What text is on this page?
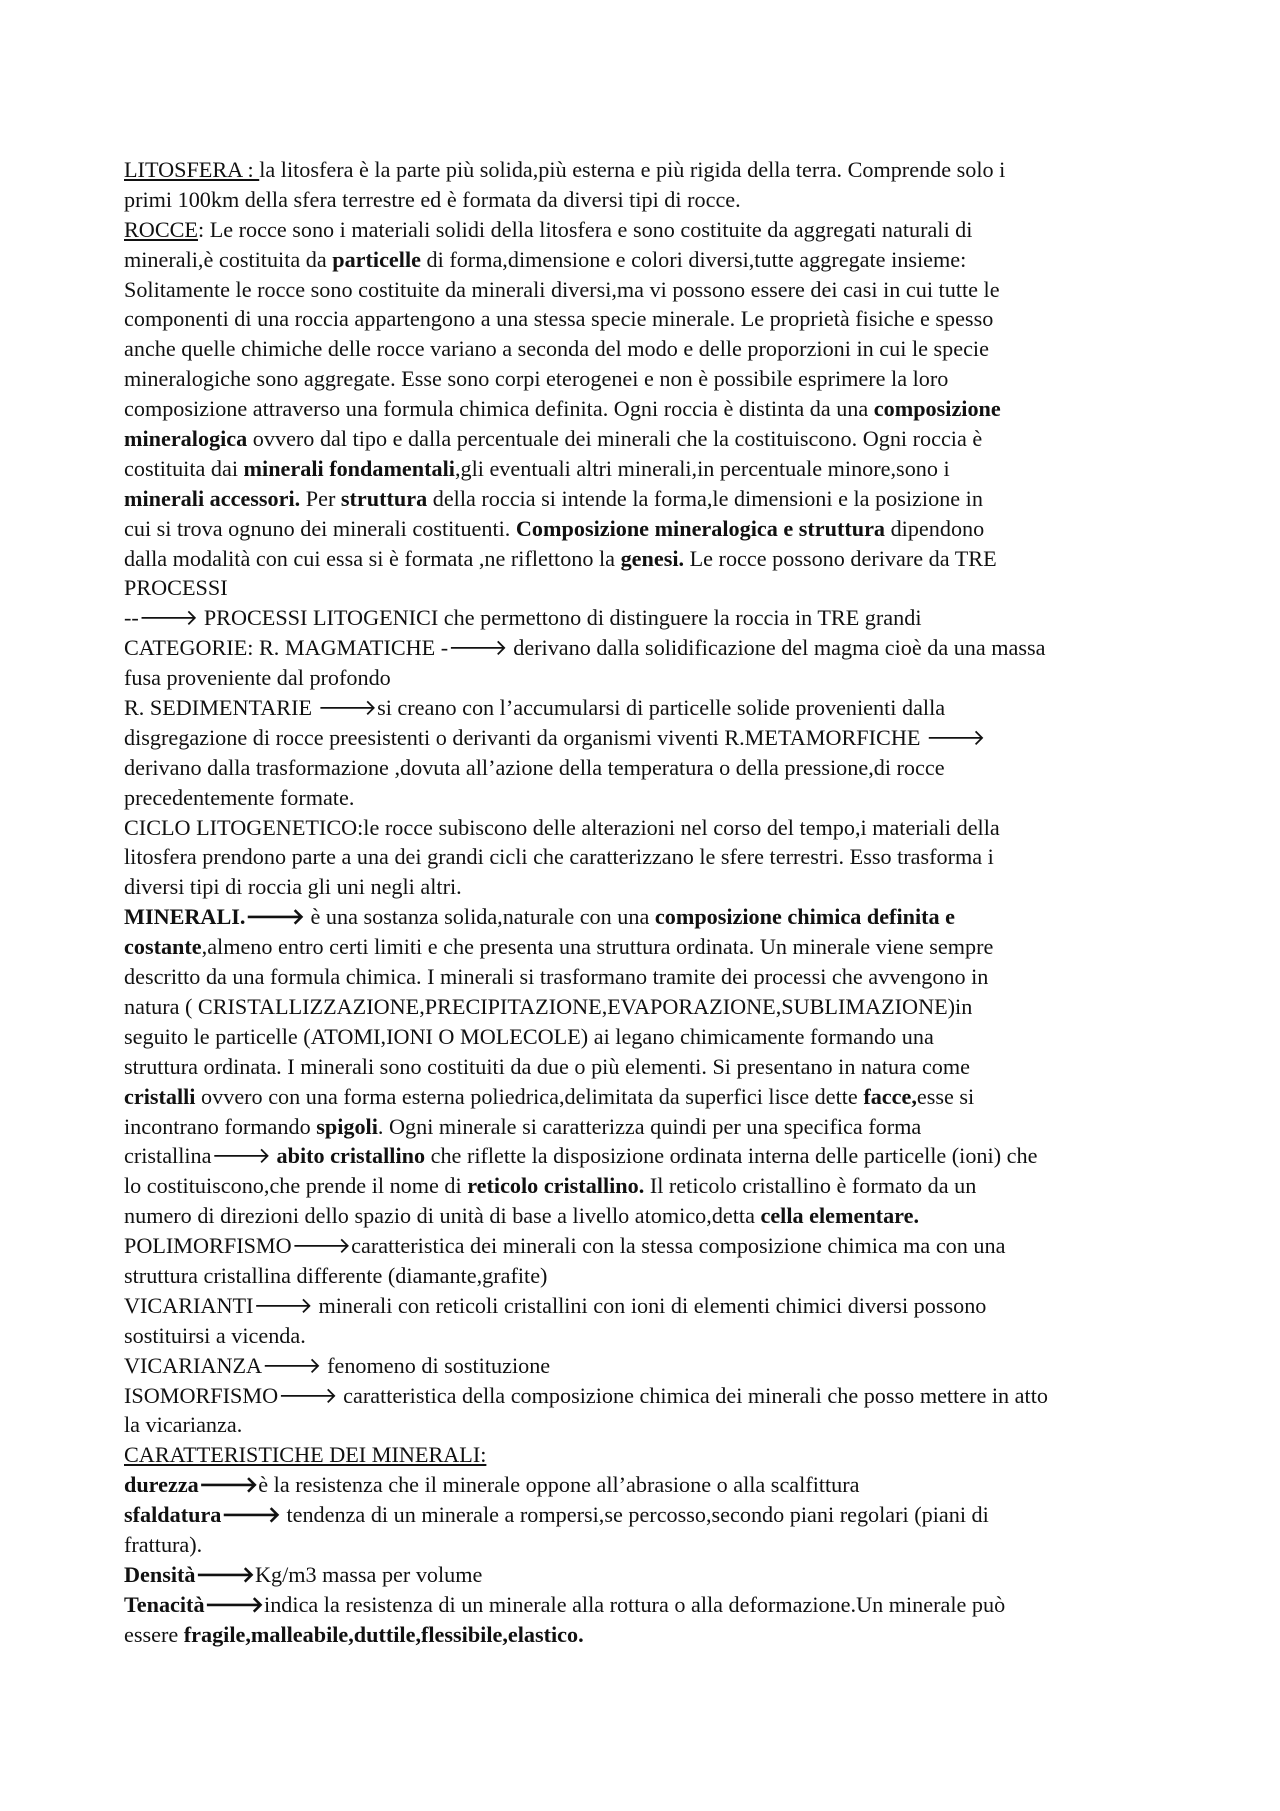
LITOSFERA : la litosfera è la parte più solida,più esterna e più rigida della terra. Comprende solo i
primi 100km della sfera terrestre ed è formata da diversi tipi di rocce.
ROCCE: Le rocce sono i materiali solidi della litosfera e sono costituite da aggregati naturali di
minerali,è costituita da particelle di forma,dimensione e colori diversi,tutte aggregate insieme:
Solitamente le rocce sono costituite da minerali diversi,ma vi possono essere dei casi in cui tutte le
componenti di una roccia appartengono a una stessa specie minerale. Le proprietà fisiche e spesso
anche quelle chimiche delle rocce variano a seconda del modo e delle proporzioni in cui le specie
mineralogiche sono aggregate. Esse sono corpi eterogenei e non è possibile esprimere la loro
composizione attraverso una formula chimica definita. Ogni roccia è distinta da una composizione
mineralogica ovvero dal tipo e dalla percentuale dei minerali che la costituiscono. Ogni roccia è
costituita dai minerali fondamentali,gli eventuali altri minerali,in percentuale minore,sono i
minerali accessori. Per struttura della roccia si intende la forma,le dimensioni e la posizione in
cui si trova ognuno dei minerali costituenti. Composizione mineralogica e struttura dipendono
dalla modalità con cui essa si è formata ,ne riflettono la genesi. Le rocce possono derivare da TRE
PROCESSI
--🡒 PROCESSI LITOGENICI che permettono di distinguere la roccia in TRE grandi
CATEGORIE: R. MAGMATICHE -🡒 derivano dalla solidificazione del magma cioè da una massa
fusa proveniente dal profondo
R. SEDIMENTARIE 🡒si creano con l’accumularsi di particelle solide provenienti dalla
disgregazione di rocce preesistenti o derivanti da organismi viventi R.METAMORFICHE 🡒
derivano dalla trasformazione ,dovuta all’azione della temperatura o della pressione,di rocce
precedentemente formate.
CICLO LITOGENETICO:le rocce subiscono delle alterazioni nel corso del tempo,i materiali della
litosfera prendono parte a una dei grandi cicli che caratterizzano le sfere terrestri. Esso trasforma i
diversi tipi di roccia gli uni negli altri.
MINERALI.🡒 è una sostanza solida,naturale con una composizione chimica definita e
costante,almeno entro certi limiti e che presenta una struttura ordinata. Un minerale viene sempre
descritto da una formula chimica. I minerali si trasformano tramite dei processi che avvengono in
natura ( CRISTALLIZZAZIONE,PRECIPITAZIONE,EVAPORAZIONE,SUBLIMAZIONE)in
seguito le particelle (ATOMI,IONI O MOLECOLE) ai legano chimicamente formando una
struttura ordinata. I minerali sono costituiti da due o più elementi. Si presentano in natura come
cristalli ovvero con una forma esterna poliedrica,delimitata da superfici lisce dette facce,esse si
incontrano formando spigoli. Ogni minerale si caratterizza quindi per una specifica forma
cristallina🡒 abito cristallino che riflette la disposizione ordinata interna delle particelle (ioni) che
lo costituiscono,che prende il nome di reticolo cristallino. Il reticolo cristallino è formato da un
numero di direzioni dello spazio di unità di base a livello atomico,detta cella elementare.
POLIMORFISMO🡒caratteristica dei minerali con la stessa composizione chimica ma con una
struttura cristallina differente (diamante,grafite)
VICARIANTI🡒 minerali con reticoli cristallini con ioni di elementi chimici diversi possono
sostituirsi a vicenda.
VICARIANZA🡒 fenomeno di sostituzione
ISOMORFISMO🡒 caratteristica della composizione chimica dei minerali che posso mettere in atto
la vicarianza.
CARATTERISTICHE DEI MINERALI:
durezza🡒è la resistenza che il minerale oppone all’abrasione o alla scalfittura
sfaldatura🡒 tendenza di un minerale a rompersi,se percosso,secondo piani regolari (piani di
frattura).
Densità🡒Kg/m3 massa per volume
Tenacità🡒indica la resistenza di un minerale alla rottura o alla deformazione.Un minerale può
essere fragile,malleabile,duttile,flessibile,elastico.
